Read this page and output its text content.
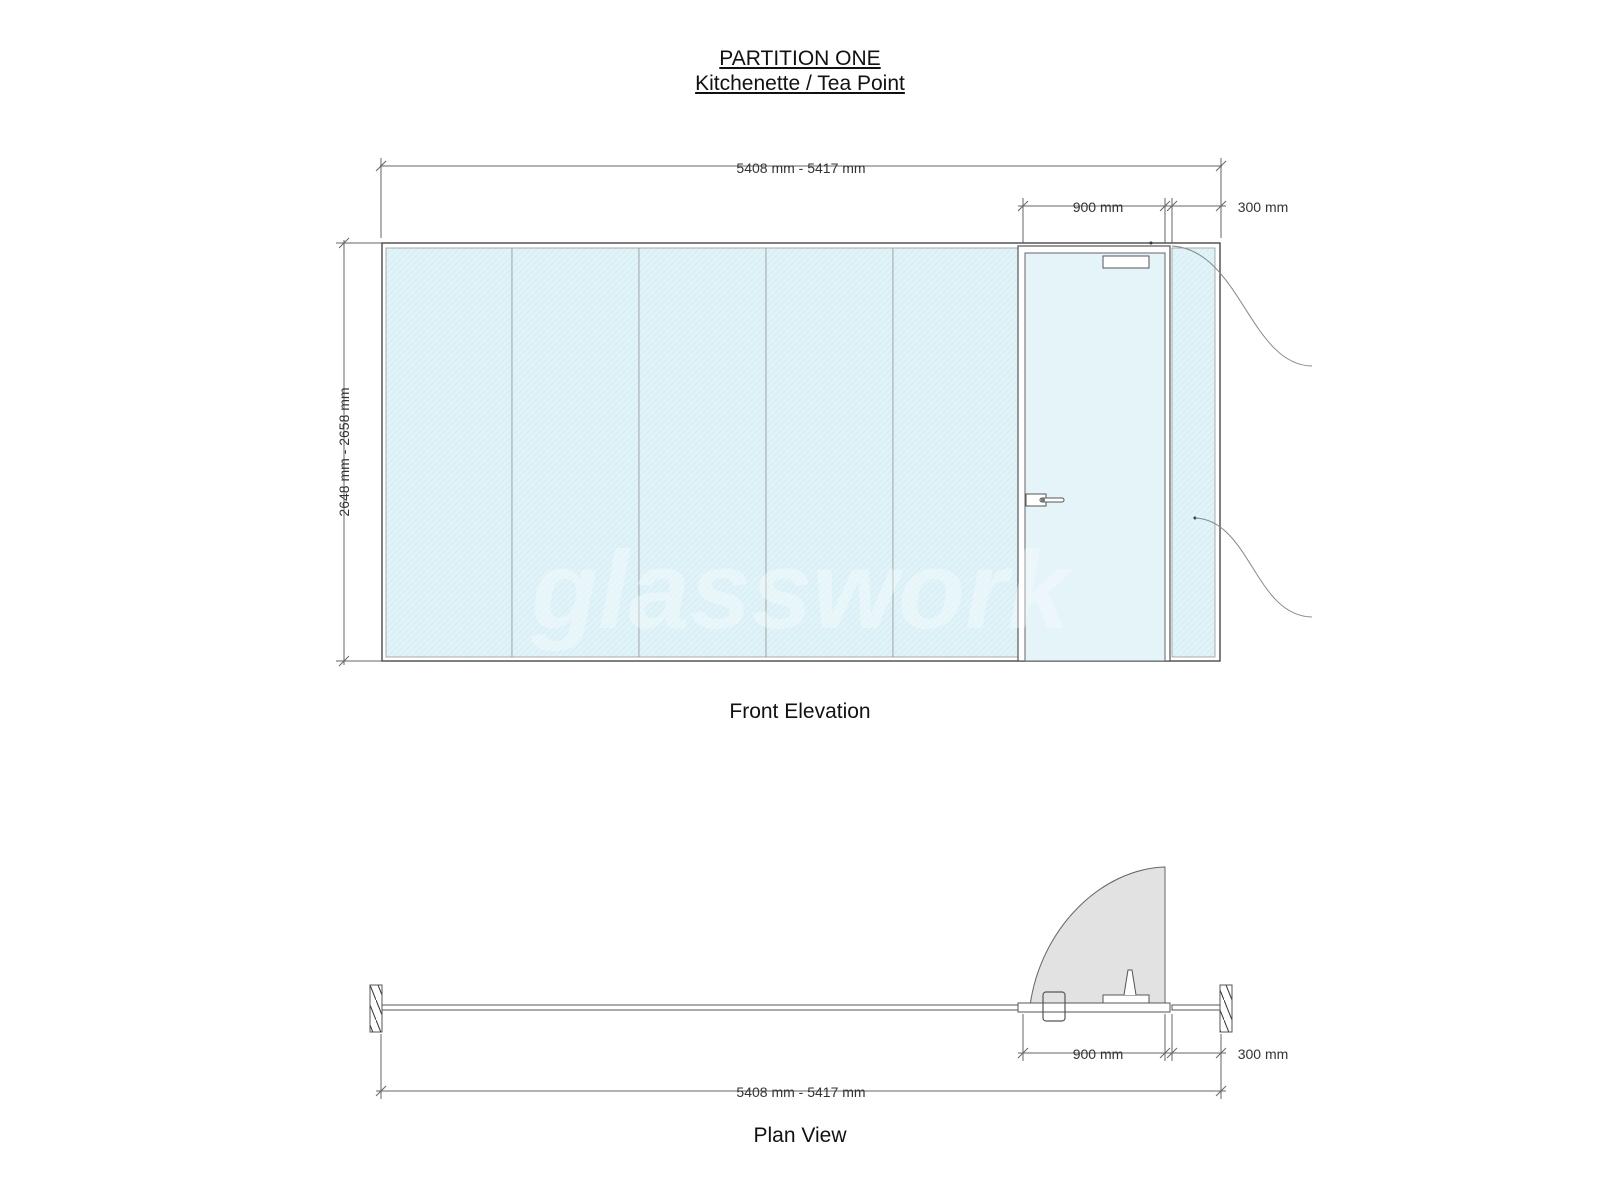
PARTITION ONE
Kitchenette / Tea Point
5408 mm - 5417 mm
900 mm	300 mm
2648 mm - 2658 mm
glasswork
900 mm	300 mm
5408 mm - 5417 mm
Front Elevation
Plan View
